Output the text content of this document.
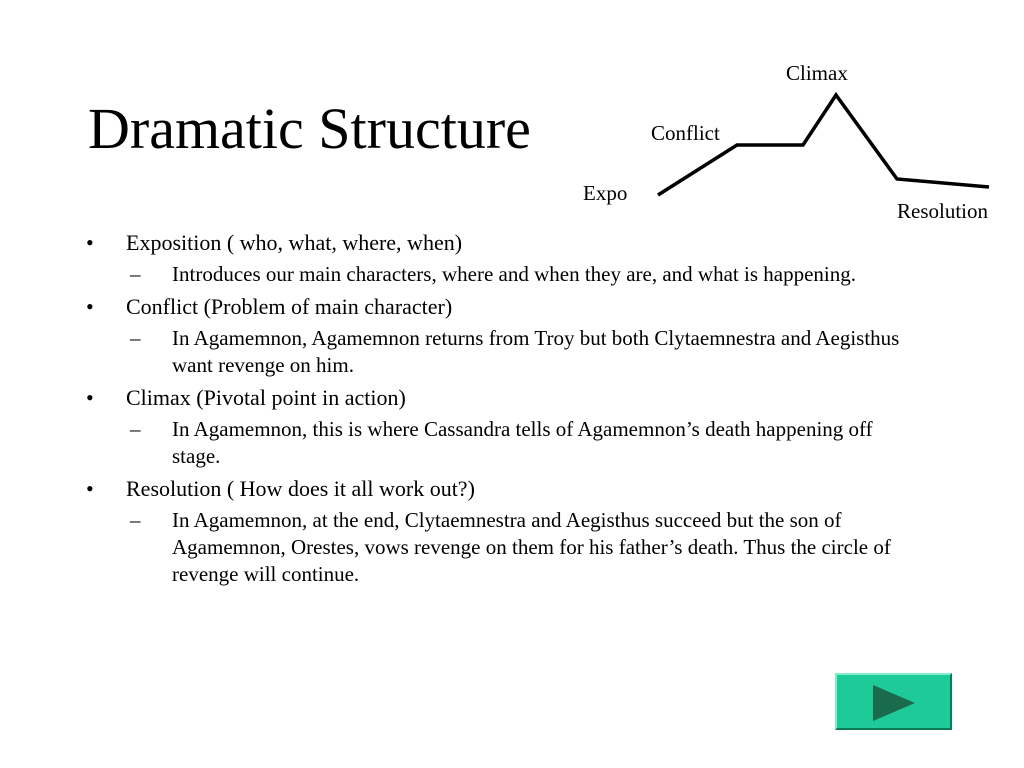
Dramatic Structure
Climax
Conflict
Expo
Resolution
•	Exposition ( who, what, where, when)
– Introduces our main characters, where and when they are, and what is happening.
•	Conflict (Problem of main character)
– In Agamemnon, Agamemnon returns from Troy but both Clytaemnestra and Aegisthus want revenge on him.
•	Climax (Pivotal point in action)
– In Agamemnon, this is where Cassandra tells of Agamemnon’s death happening off stage.
•	Resolution ( How does it all work out?)
– In Agamemnon, at the end, Clytaemnestra and Aegisthus succeed but the son of Agamemnon, Orestes, vows revenge on them for his father’s death. Thus the circle of revenge will continue.
